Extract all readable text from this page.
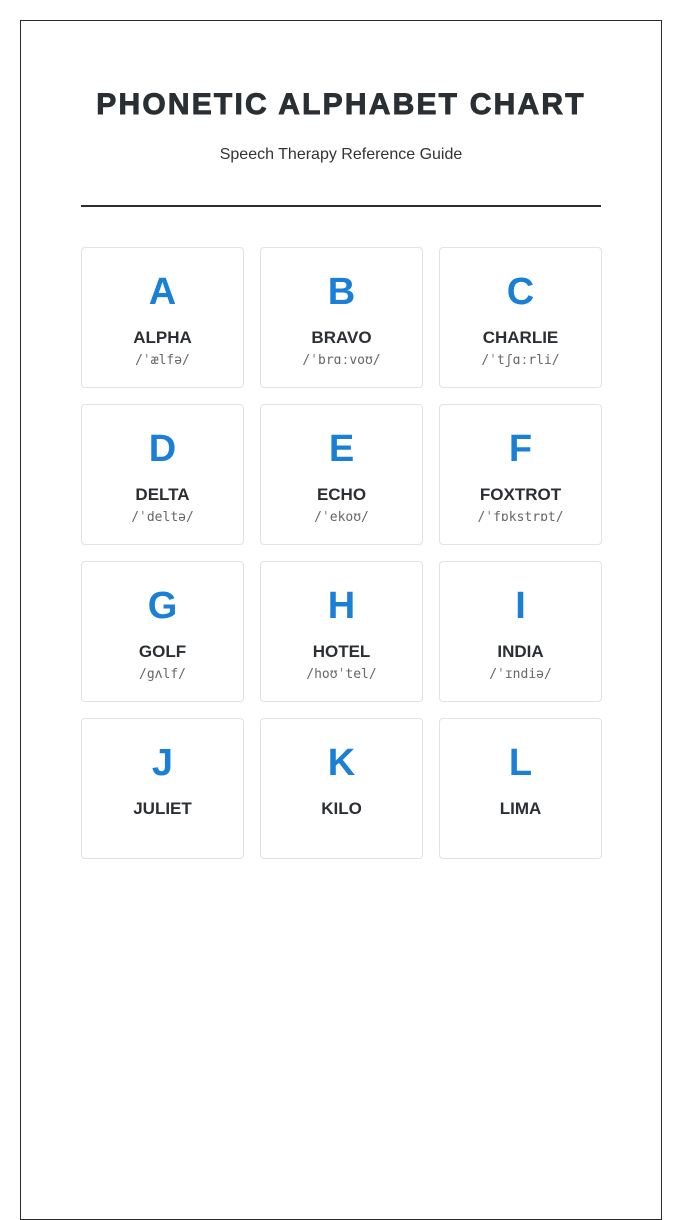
PHONETIC ALPHABET CHART

Speech Therapy Reference Guide

A
ALPHA
/ˈælfə/
B
BRAVO
/ˈbrɑːvoʊ/
C
CHARLIE
/ˈtʃɑːrli/
D
DELTA
/ˈdeltə/
E
ECHO
/ˈekoʊ/
F
FOXTROT
/ˈfɒkstrɒt/
G
GOLF
/gʌlf/
H
HOTEL
/hoʊˈtel/
I
INDIA
/ˈɪndiə/
J
JULIET
K
KILO
L
LIMA
